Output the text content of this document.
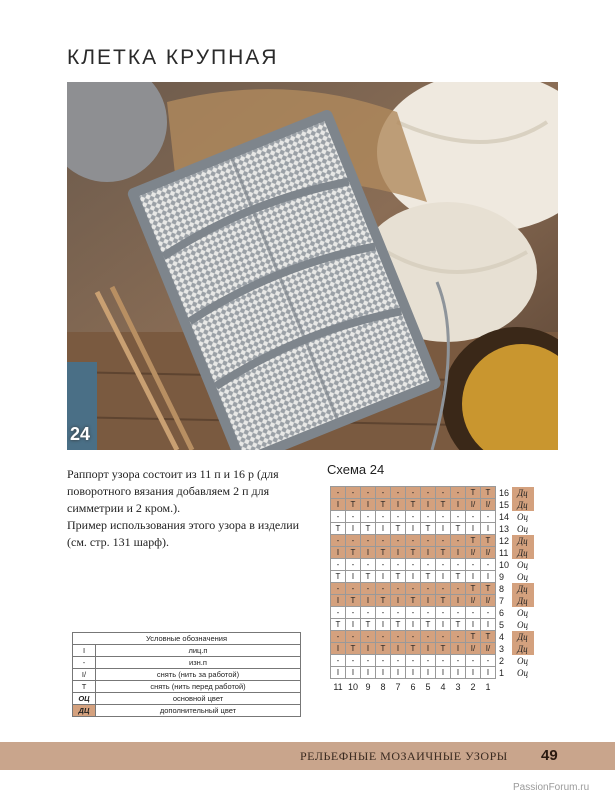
КЛЕТКА КРУПНАЯ
24

Раппорт узора состоит из 11 п и 16 р (для поворотного вязания добавляем 2 п для симметрии и 2 кром.).

Пример использования этого узора в изделии (см. стр. 131 шарф).

Схема 24
-	-	-	-	-	-	-	-	-	T	T	16	Дц
I	T	I	T	I	T	I	T	I	I/	I/	15	Дц
-	-	-	-	-	-	-	-	-	-	-	14	Оц
T	I	T	I	T	I	T	I	T	I	I	13	Оц
-	-	-	-	-	-	-	-	-	T	T	12	Дц
I	T	I	T	I	T	I	T	I	I/	I/	11	Дц
-	-	-	-	-	-	-	-	-	-	-	10	Оц
T	I	T	I	T	I	T	I	T	I	I	9	Оц
-	-	-	-	-	-	-	-	-	T	T	8	Дц
I	T	I	T	I	T	I	T	I	I/	I/	7	Дц
-	-	-	-	-	-	-	-	-	-	-	6	Оц
T	I	T	I	T	I	T	I	T	I	I	5	Оц
-	-	-	-	-	-	-	-	-	T	T	4	Дц
I	T	I	T	I	T	I	T	I	I/	I/	3	Дц
-	-	-	-	-	-	-	-	-	-	-	2	Оц
I	I	I	I	I	I	I	I	I	I	I	1	Оц
11	10	9	8	7	6	5	4	3	2	1		
Условные обозначения	
I	лиц.п
-	изн.п
I/	снять (нить за работой)
T	снять (нить перед работой)
ОЦ	основной цвет
ДЦ	дополнительный цвет
РЕЛЬЕФНЫЕ МОЗАИЧНЫЕ УЗОРЫ 49
PassionForum.ru
